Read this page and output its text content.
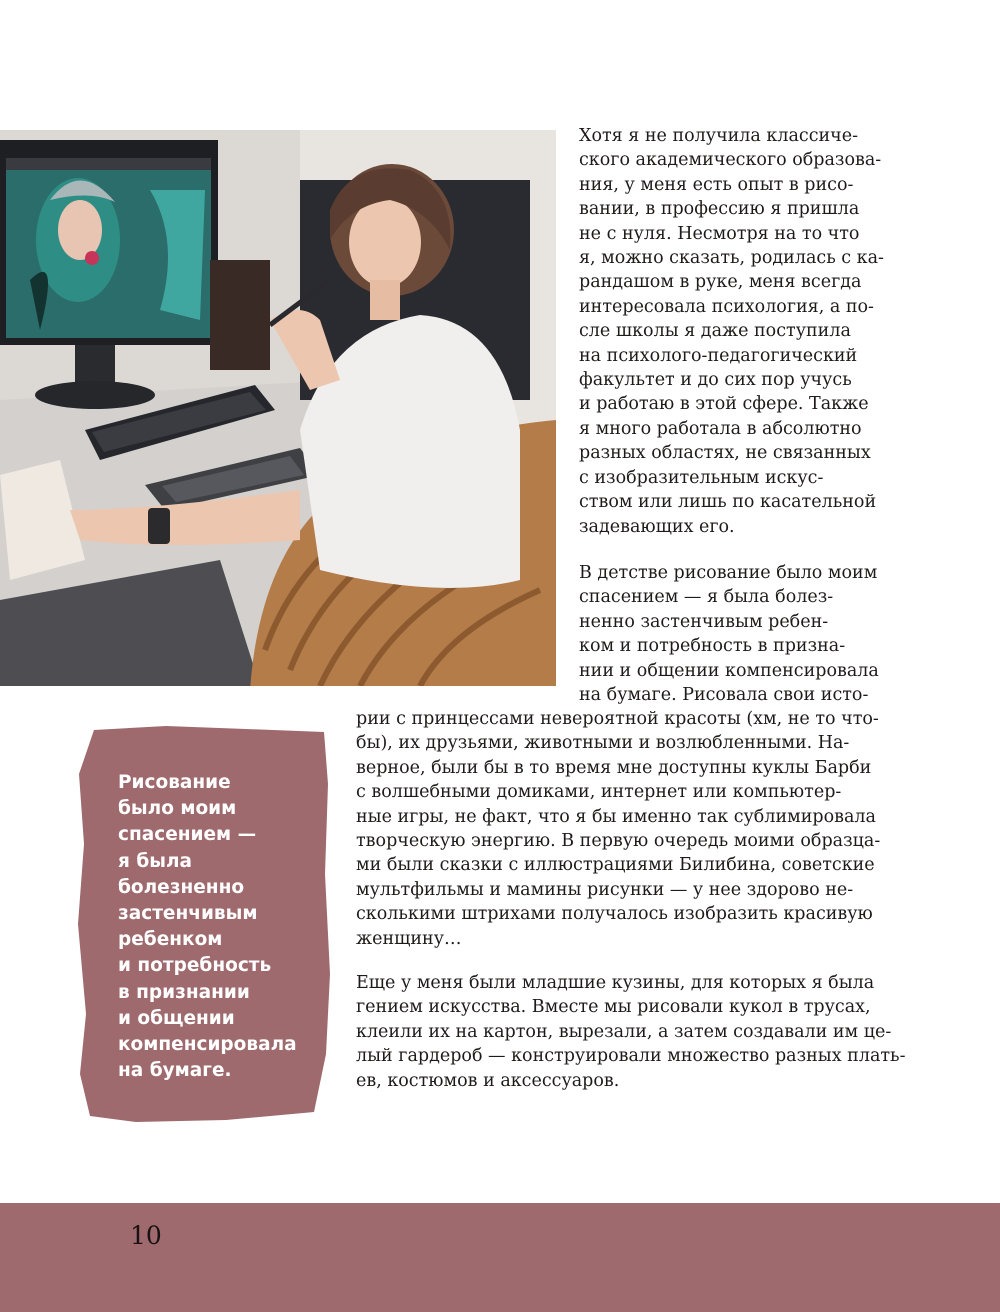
Хотя я не получила классиче-
ского академического образова-
ния, у меня есть опыт в рисо-
вании, в профессию я пришла
не с нуля. Несмотря на то что
я, можно сказать, родилась с ка-
рандашом в руке, меня всегда
интересовала психология, а по-
сле школы я даже поступила
на психолого-педагогический
факультет и до сих пор учусь
и работаю в этой сфере. Также
я много работала в абсолютно
разных областях, не связанных
с изобразительным искус-
ством или лишь по касательной
задевающих его.

В детстве рисование было моим
спасением — я была болез-
ненно застенчивым ребен-
ком и потребность в призна-
нии и общении компенсировала
на бумаге. Рисовала свои исто-

рии с принцессами невероятной красоты (хм, не то что-
бы), их друзьями, животными и возлюбленными. На-
верное, были бы в то время мне доступны куклы Барби
с волшебными домиками, интернет или компьютер-
ные игры, не факт, что я бы именно так сублимировала
творческую энергию. В первую очередь моими образца-
ми были сказки с иллюстрациями Билибина, советские
мультфильмы и мамины рисунки — у нее здорово не-
сколькими штрихами получалось изобразить красивую
женщину…

Еще у меня были младшие кузины, для которых я была
гением искусства. Вместе мы рисовали кукол в трусах,
клеили их на картон, вырезали, а затем создавали им це-
лый гардероб — конструировали множество разных плать-
ев, костюмов и аксессуаров.

Рисование
было моим
спасением —
я была
болезненно
застенчивым
ребенком
и потребность
в признании
и общении
компенсировала
на бумаге.

10
